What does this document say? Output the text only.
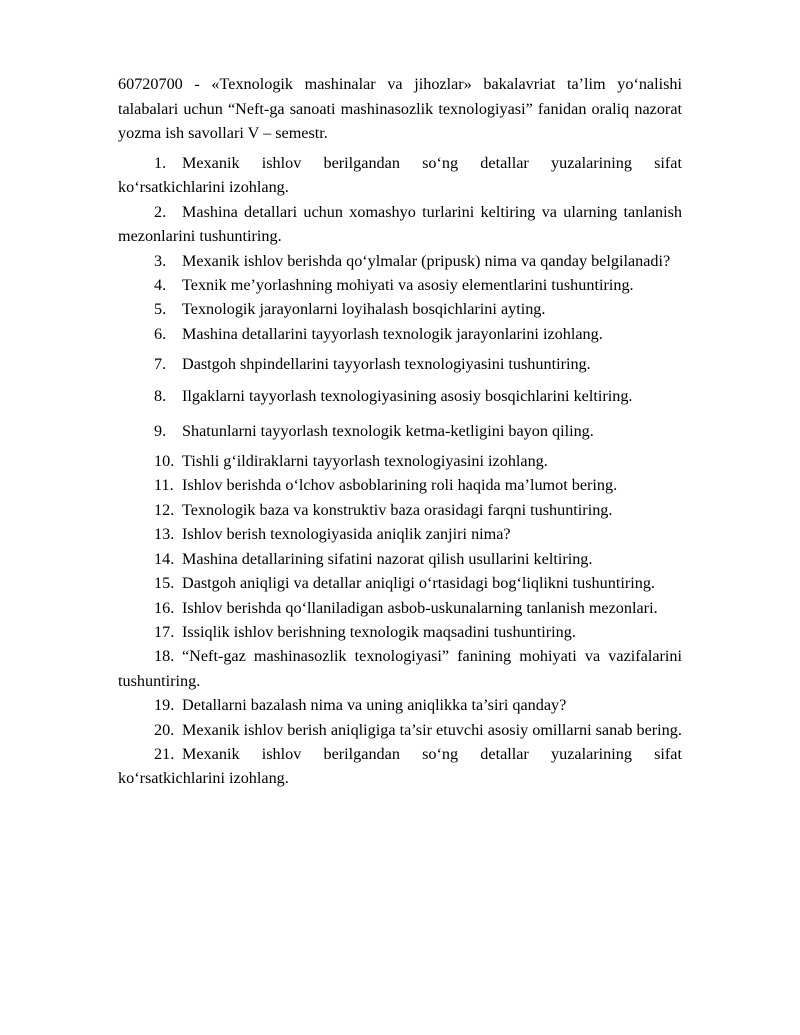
60720700 - «Texnologik mashinalar va jihozlar» bakalavriat ta’lim yo‘nalishi talabalari uchun “Neft-ga sanoati mashinasozlik texnologiyasi” fanidan oraliq nazorat yozma ish savollari V – semestr.

1. Mexanik ishlov berilgandan so‘ng detallar yuzalarining sifat ko‘rsatkichlarini izohlang.

2. Mashina detallari uchun xomashyo turlarini keltiring va ularning tanlanish mezonlarini tushuntiring.

3. Mexanik ishlov berishda qo‘ylmalar (pripusk) nima va qanday belgilanadi?

4. Texnik me’yorlashning mohiyati va asosiy elementlarini tushuntiring.

5. Texnologik jarayonlarni loyihalash bosqichlarini ayting.

6. Mashina detallarini tayyorlash texnologik jarayonlarini izohlang.

7. Dastgoh shpindellarini tayyorlash texnologiyasini tushuntiring.

8. Ilgaklarni tayyorlash texnologiyasining asosiy bosqichlarini keltiring.

9. Shatunlarni tayyorlash texnologik ketma-ketligini bayon qiling.

10. Tishli g‘ildiraklarni tayyorlash texnologiyasini izohlang.

11. Ishlov berishda o‘lchov asboblarining roli haqida ma’lumot bering.

12. Texnologik baza va konstruktiv baza orasidagi farqni tushuntiring.

13. Ishlov berish texnologiyasida aniqlik zanjiri nima?

14. Mashina detallarining sifatini nazorat qilish usullarini keltiring.

15. Dastgoh aniqligi va detallar aniqligi o‘rtasidagi bog‘liqlikni tushuntiring.

16. Ishlov berishda qo‘llaniladigan asbob-uskunalarning tanlanish mezonlari.

17. Issiqlik ishlov berishning texnologik maqsadini tushuntiring.

18. “Neft-gaz mashinasozlik texnologiyasi” fanining mohiyati va vazifalarini tushuntiring.

19. Detallarni bazalash nima va uning aniqlikka ta’siri qanday?

20. Mexanik ishlov berish aniqligiga ta’sir etuvchi asosiy omillarni sanab bering.

21. Mexanik ishlov berilgandan so‘ng detallar yuzalarining sifat ko‘rsatkichlarini izohlang.
